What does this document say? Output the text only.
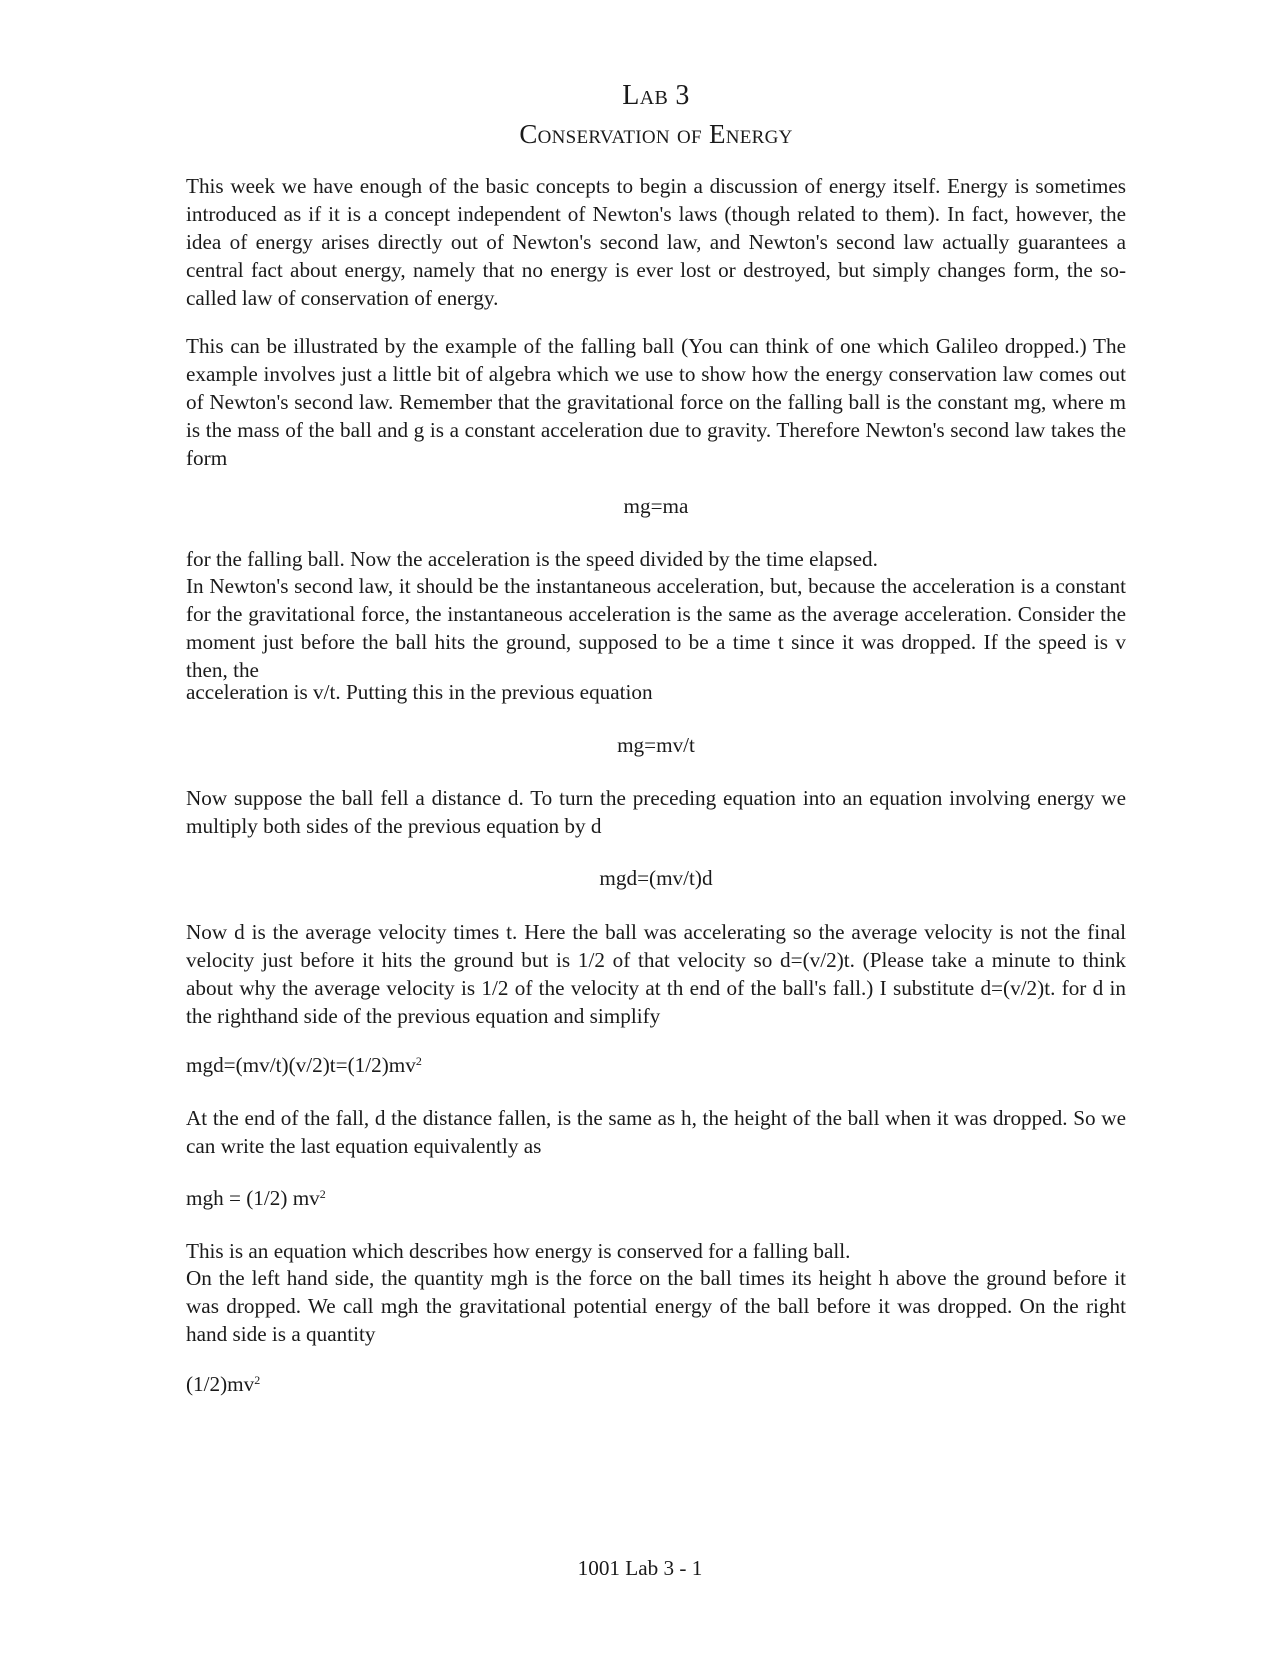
Lab 3
Conservation of Energy

This week we have enough of the basic concepts to begin a discussion of energy itself. Energy is sometimes introduced as if it is a concept independent of Newton's laws (though related to them). In fact, however, the idea of energy arises directly out of Newton's second law, and Newton's second law actually guarantees a central fact about energy, namely that no energy is ever lost or destroyed, but simply changes form, the so-called law of conservation of energy.

This can be illustrated by the example of the falling ball (You can think of one which Galileo dropped.) The example involves just a little bit of algebra which we use to show how the energy conservation law comes out of Newton's second law. Remember that the gravitational force on the falling ball is the constant mg, where m is the mass of the ball and g is a constant acceleration due to gravity. Therefore Newton's second law takes the form

mg=ma

for the falling ball. Now the acceleration is the speed divided by the time elapsed.

In Newton's second law, it should be the instantaneous acceleration, but, because the acceleration is a constant for the gravitational force, the instantaneous acceleration is the same as the average acceleration. Consider the moment just before the ball hits the ground, supposed to be a time t since it was dropped. If the speed is v then, the

acceleration is v/t. Putting this in the previous equation

mg=mv/t

Now suppose the ball fell a distance d. To turn the preceding equation into an equation involving energy we multiply both sides of the previous equation by d

mgd=(mv/t)d

Now d is the average velocity times t. Here the ball was accelerating so the average velocity is not the final velocity just before it hits the ground but is 1/2 of that velocity so d=(v/2)t. (Please take a minute to think about why the average velocity is 1/2 of the velocity at th end of the ball's fall.) I substitute d=(v/2)t. for d in the righthand side of the previous equation and simplify

$mgd=(mv/t)(v/2)t=(1/2)mv^2$

At the end of the fall, d the distance fallen, is the same as h, the height of the ball when it was dropped. So we can write the last equation equivalently as

mgh = (1/2) $mv^2$

This is an equation which describes how energy is conserved for a falling ball.

On the left hand side, the quantity mgh is the force on the ball times its height h above the ground before it was dropped. We call mgh the gravitational potential energy of the ball before it was dropped. On the right hand side is a quantity

$(1/2)mv^2$
1001 Lab 3 - 1
